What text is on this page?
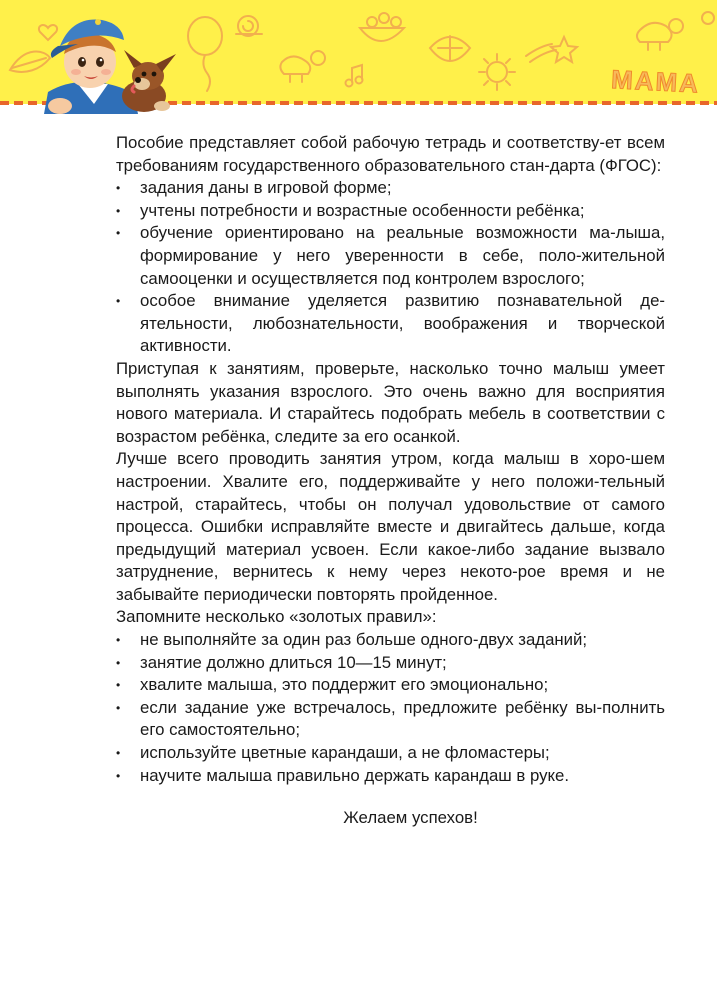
МАМА

Пособие представляет собой рабочую тетрадь и соответству-ет всем требованиям государственного образовательного стан-дарта (ФГОС):

•	задания даны в игровой форме;
•	учтены потребности и возрастные особенности ребёнка;
•	обучение ориентировано на реальные возможности ма-лыша, формирование у него уверенности в себе, поло-жительной самооценки и осуществляется под контролем взрослого;
•	особое внимание уделяется развитию познавательной де-ятельности, любознательности, воображения и творческой активности.

Приступая к занятиям, проверьте, насколько точно малыш умеет выполнять указания взрослого. Это очень важно для восприятия нового материала. И старайтесь подобрать мебель в соответствии с возрастом ребёнка, следите за его осанкой.

Лучше всего проводить занятия утром, когда малыш в хоро-шем настроении. Хвалите его, поддерживайте у него положи-тельный настрой, старайтесь, чтобы он получал удовольствие от самого процесса. Ошибки исправляйте вместе и двигайтесь дальше, когда предыдущий материал усвоен. Если какое-либо задание вызвало затруднение, вернитесь к нему через некото-рое время и не забывайте периодически повторять пройденное.

Запомните несколько «золотых правил»:

•	не выполняйте за один раз больше одного-двух заданий;
•	занятие должно длиться 10—15 минут;
•	хвалите малыша, это поддержит его эмоционально;
•	если задание уже встречалось, предложите ребёнку вы-полнить его самостоятельно;
•	используйте цветные карандаши, а не фломастеры;
•	научите малыша правильно держать карандаш в руке.

Желаем успехов!
